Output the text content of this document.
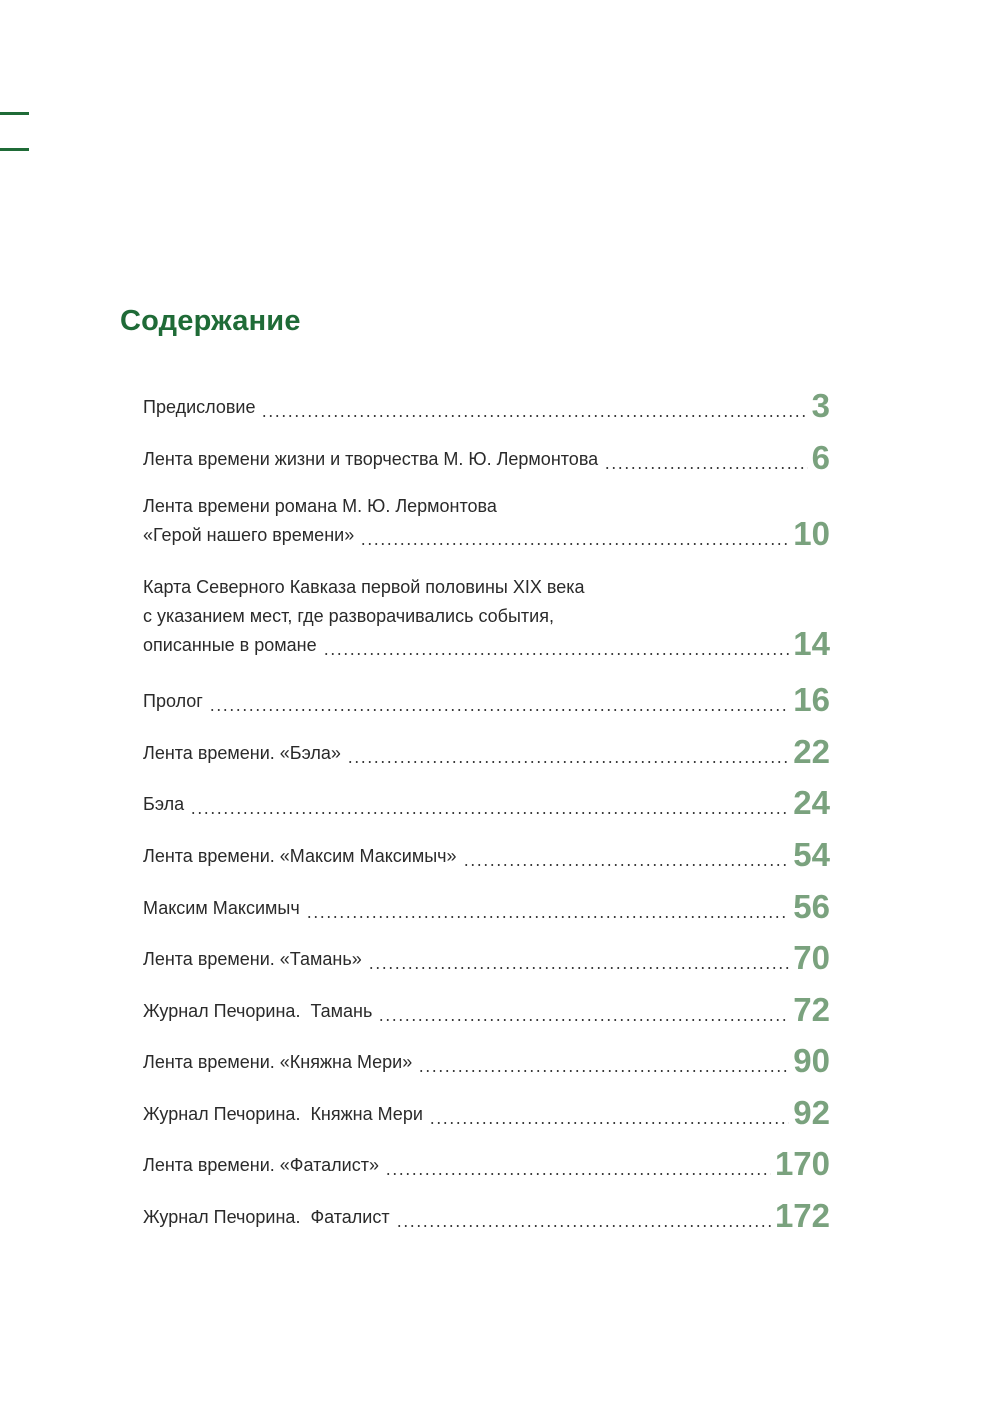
Содержание
Предисловие	3
Лента времени жизни и творчества М. Ю. Лермонтова	6
Лента времени романа М. Ю. Лермонтова
«Герой нашего времени»	10
Карта Северного Кавказа первой половины XIX века
с указанием мест, где разворачивались события,
описанные в романе	14
Пролог	16
Лента времени. «Бэла»	22
Бэла	24
Лента времени. «Максим Максимыч»	54
Максим Максимыч	56
Лента времени. «Тамань»	70
Журнал Печорина.  Тамань	72
Лента времени. «Княжна Мери»	90
Журнал Печорина.  Княжна Мери	92
Лента времени. «Фаталист»	170
Журнал Печорина.  Фаталист	172
